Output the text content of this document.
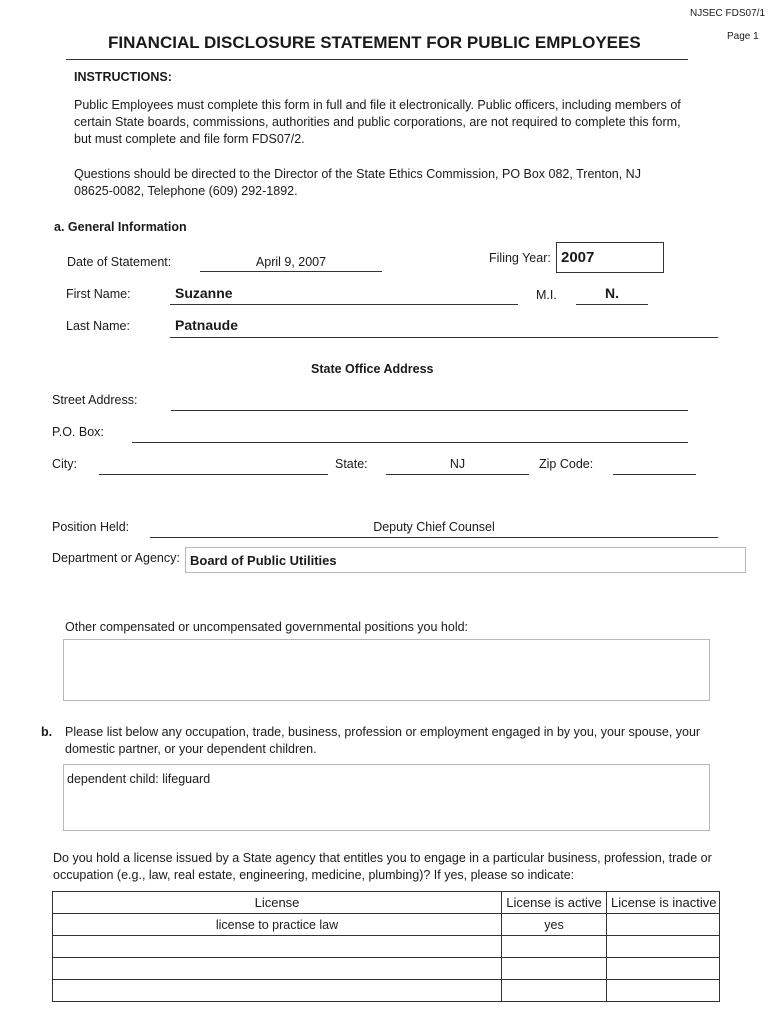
NJSEC FDS07/1
Page 1
FINANCIAL DISCLOSURE STATEMENT FOR PUBLIC EMPLOYEES
INSTRUCTIONS:
Public Employees must complete this form in full and file it electronically. Public officers, including members of certain State boards, commissions, authorities and public corporations, are not required to complete this form, but must complete and file form FDS07/2.
Questions should be directed to the Director of the State Ethics Commission, PO Box 082, Trenton, NJ 08625-0082, Telephone (609) 292-1892.
a. General Information
Date of Statement:	April 9, 2007	Filing Year: 2007
First Name:	Suzanne	M.I.	N.
Last Name:	Patnaude
State Office Address
Street Address:
P.O. Box:
City:	State:	NJ	Zip Code:
Position Held:	Deputy Chief Counsel
Department or Agency: Board of Public Utilities
Other compensated or uncompensated governmental positions you hold:
b. Please list below any occupation, trade, business, profession or employment engaged in by you, your spouse, your domestic partner, or your dependent children.
dependent child: lifeguard
Do you hold a license issued by a State agency that entitles you to engage in a particular business, profession, trade or occupation (e.g., law, real estate, engineering, medicine, plumbing)? If yes, please so indicate:
License	License is active	License is inactive
license to practice law	yes	
